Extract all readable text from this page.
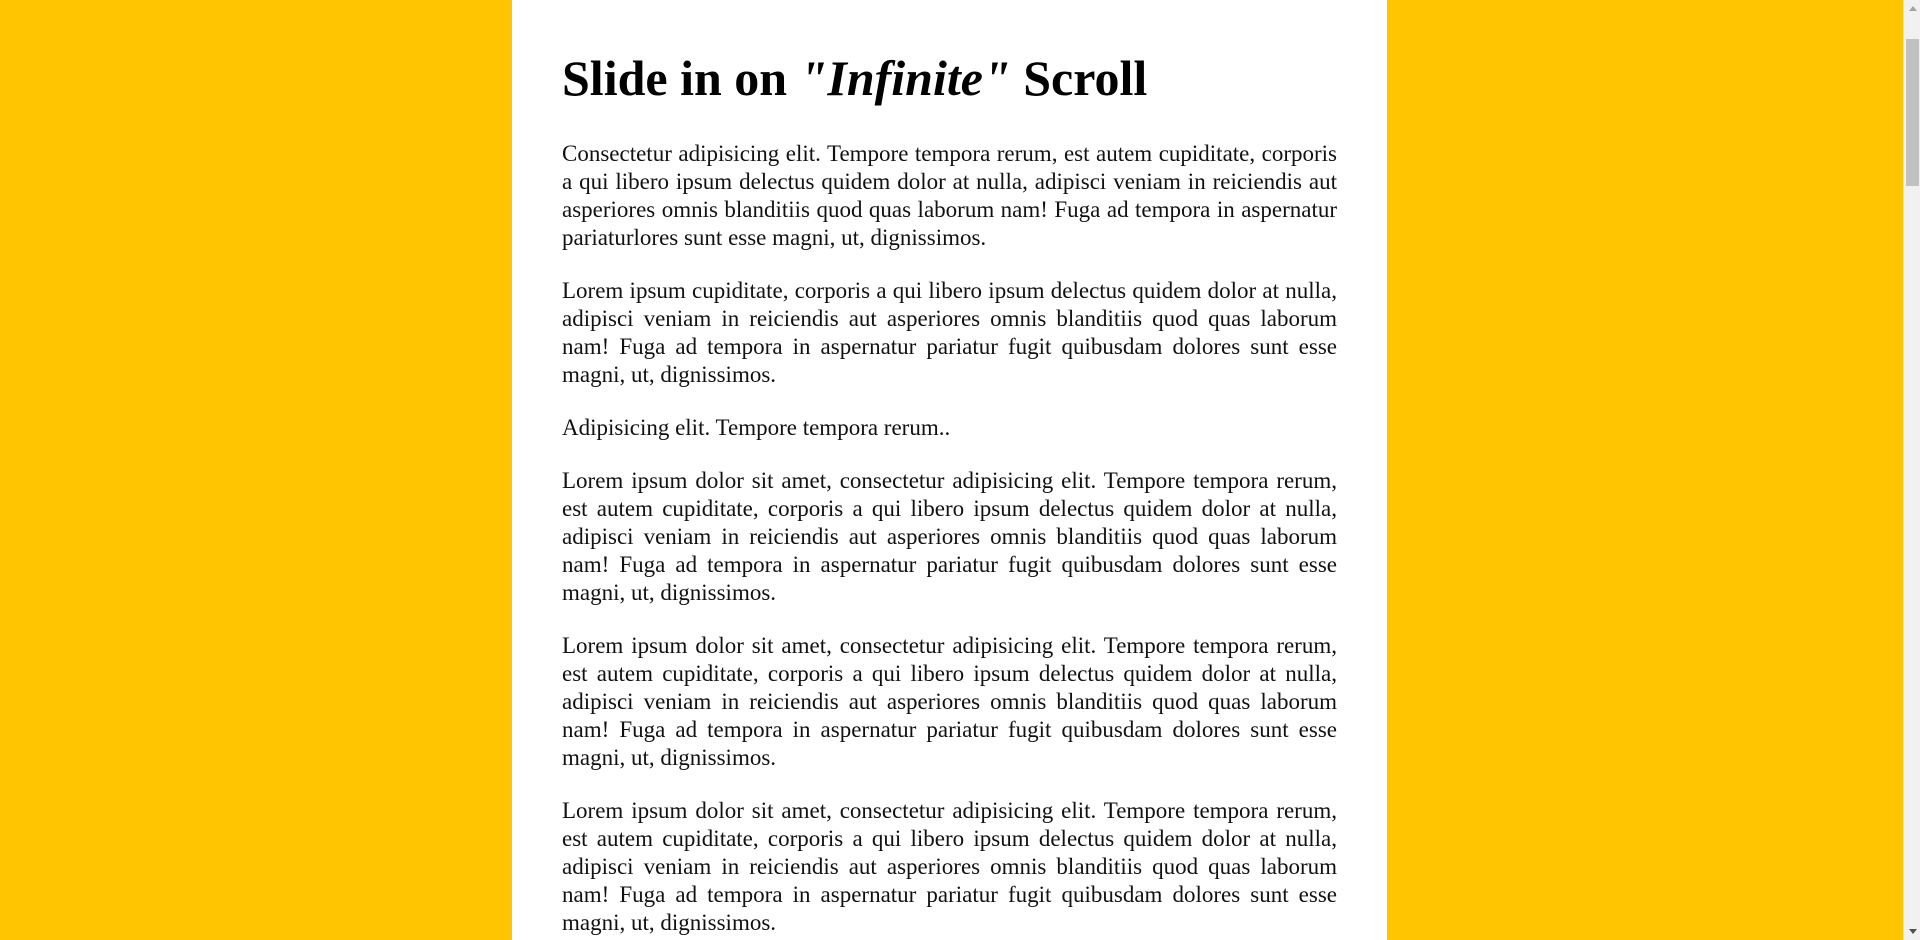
Slide in on "Infinite" Scroll

Consectetur adipisicing elit. Tempore tempora rerum, est autem cupiditate, corporis a qui libero ipsum delectus quidem dolor at nulla, adipisci veniam in reiciendis aut asperiores omnis blanditiis quod quas laborum nam! Fuga ad tempora in aspernatur pariaturlores sunt esse magni, ut, dignissimos.

Lorem ipsum cupiditate, corporis a qui libero ipsum delectus quidem dolor at nulla, adipisci veniam in reiciendis aut asperiores omnis blanditiis quod quas laborum nam! Fuga ad tempora in aspernatur pariatur fugit quibusdam dolores sunt esse magni, ut, dignissimos.

Adipisicing elit. Tempore tempora rerum..

Lorem ipsum dolor sit amet, consectetur adipisicing elit. Tempore tempora rerum, est autem cupiditate, corporis a qui libero ipsum delectus quidem dolor at nulla, adipisci veniam in reiciendis aut asperiores omnis blanditiis quod quas laborum nam! Fuga ad tempora in aspernatur pariatur fugit quibusdam dolores sunt esse magni, ut, dignissimos.

Lorem ipsum dolor sit amet, consectetur adipisicing elit. Tempore tempora rerum, est autem cupiditate, corporis a qui libero ipsum delectus quidem dolor at nulla, adipisci veniam in reiciendis aut asperiores omnis blanditiis quod quas laborum nam! Fuga ad tempora in aspernatur pariatur fugit quibusdam dolores sunt esse magni, ut, dignissimos.

Lorem ipsum dolor sit amet, consectetur adipisicing elit. Tempore tempora rerum, est autem cupiditate, corporis a qui libero ipsum delectus quidem dolor at nulla, adipisci veniam in reiciendis aut asperiores omnis blanditiis quod quas laborum nam! Fuga ad tempora in aspernatur pariatur fugit quibusdam dolores sunt esse magni, ut, dignissimos.
